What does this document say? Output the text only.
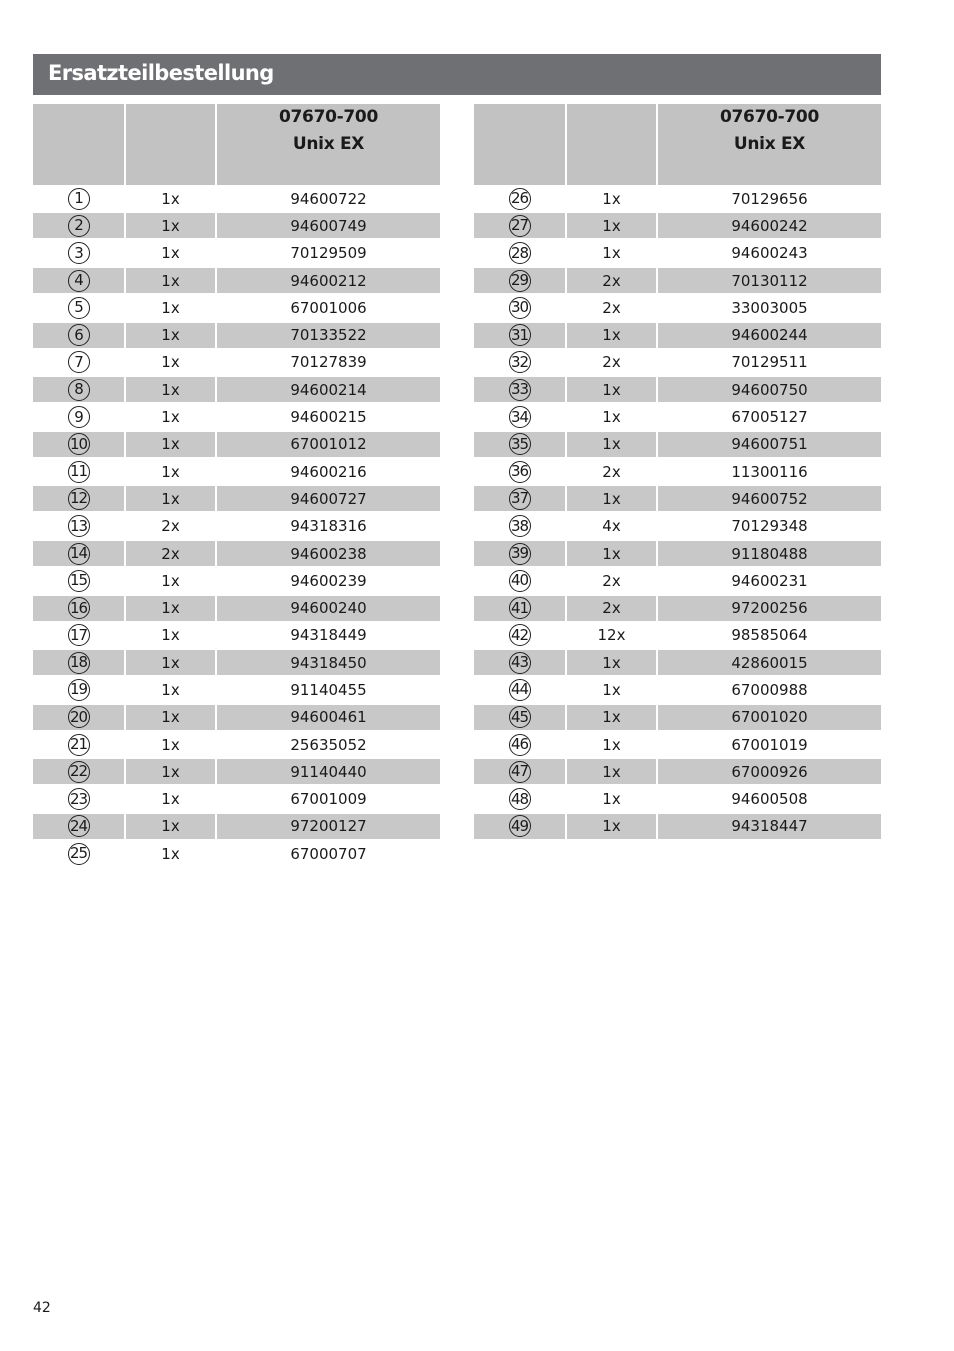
Ersatzteilbestellung
07670-700
Unix EX
1	1x	94600722
2	1x	94600749
3	1x	70129509
4	1x	94600212
5	1x	67001006
6	1x	70133522
7	1x	70127839
8	1x	94600214
9	1x	94600215
10	1x	67001012
11	1x	94600216
12	1x	94600727
13	2x	94318316
14	2x	94600238
15	1x	94600239
16	1x	94600240
17	1x	94318449
18	1x	94318450
19	1x	91140455
20	1x	94600461
21	1x	25635052
22	1x	91140440
23	1x	67001009
24	1x	97200127
25	1x	67000707
07670-700
Unix EX
26	1x	70129656
27	1x	94600242
28	1x	94600243
29	2x	70130112
30	2x	33003005
31	1x	94600244
32	2x	70129511
33	1x	94600750
34	1x	67005127
35	1x	94600751
36	2x	11300116
37	1x	94600752
38	4x	70129348
39	1x	91180488
40	2x	94600231
41	2x	97200256
42	12x	98585064
43	1x	42860015
44	1x	67000988
45	1x	67001020
46	1x	67001019
47	1x	67000926
48	1x	94600508
49	1x	94318447
42
